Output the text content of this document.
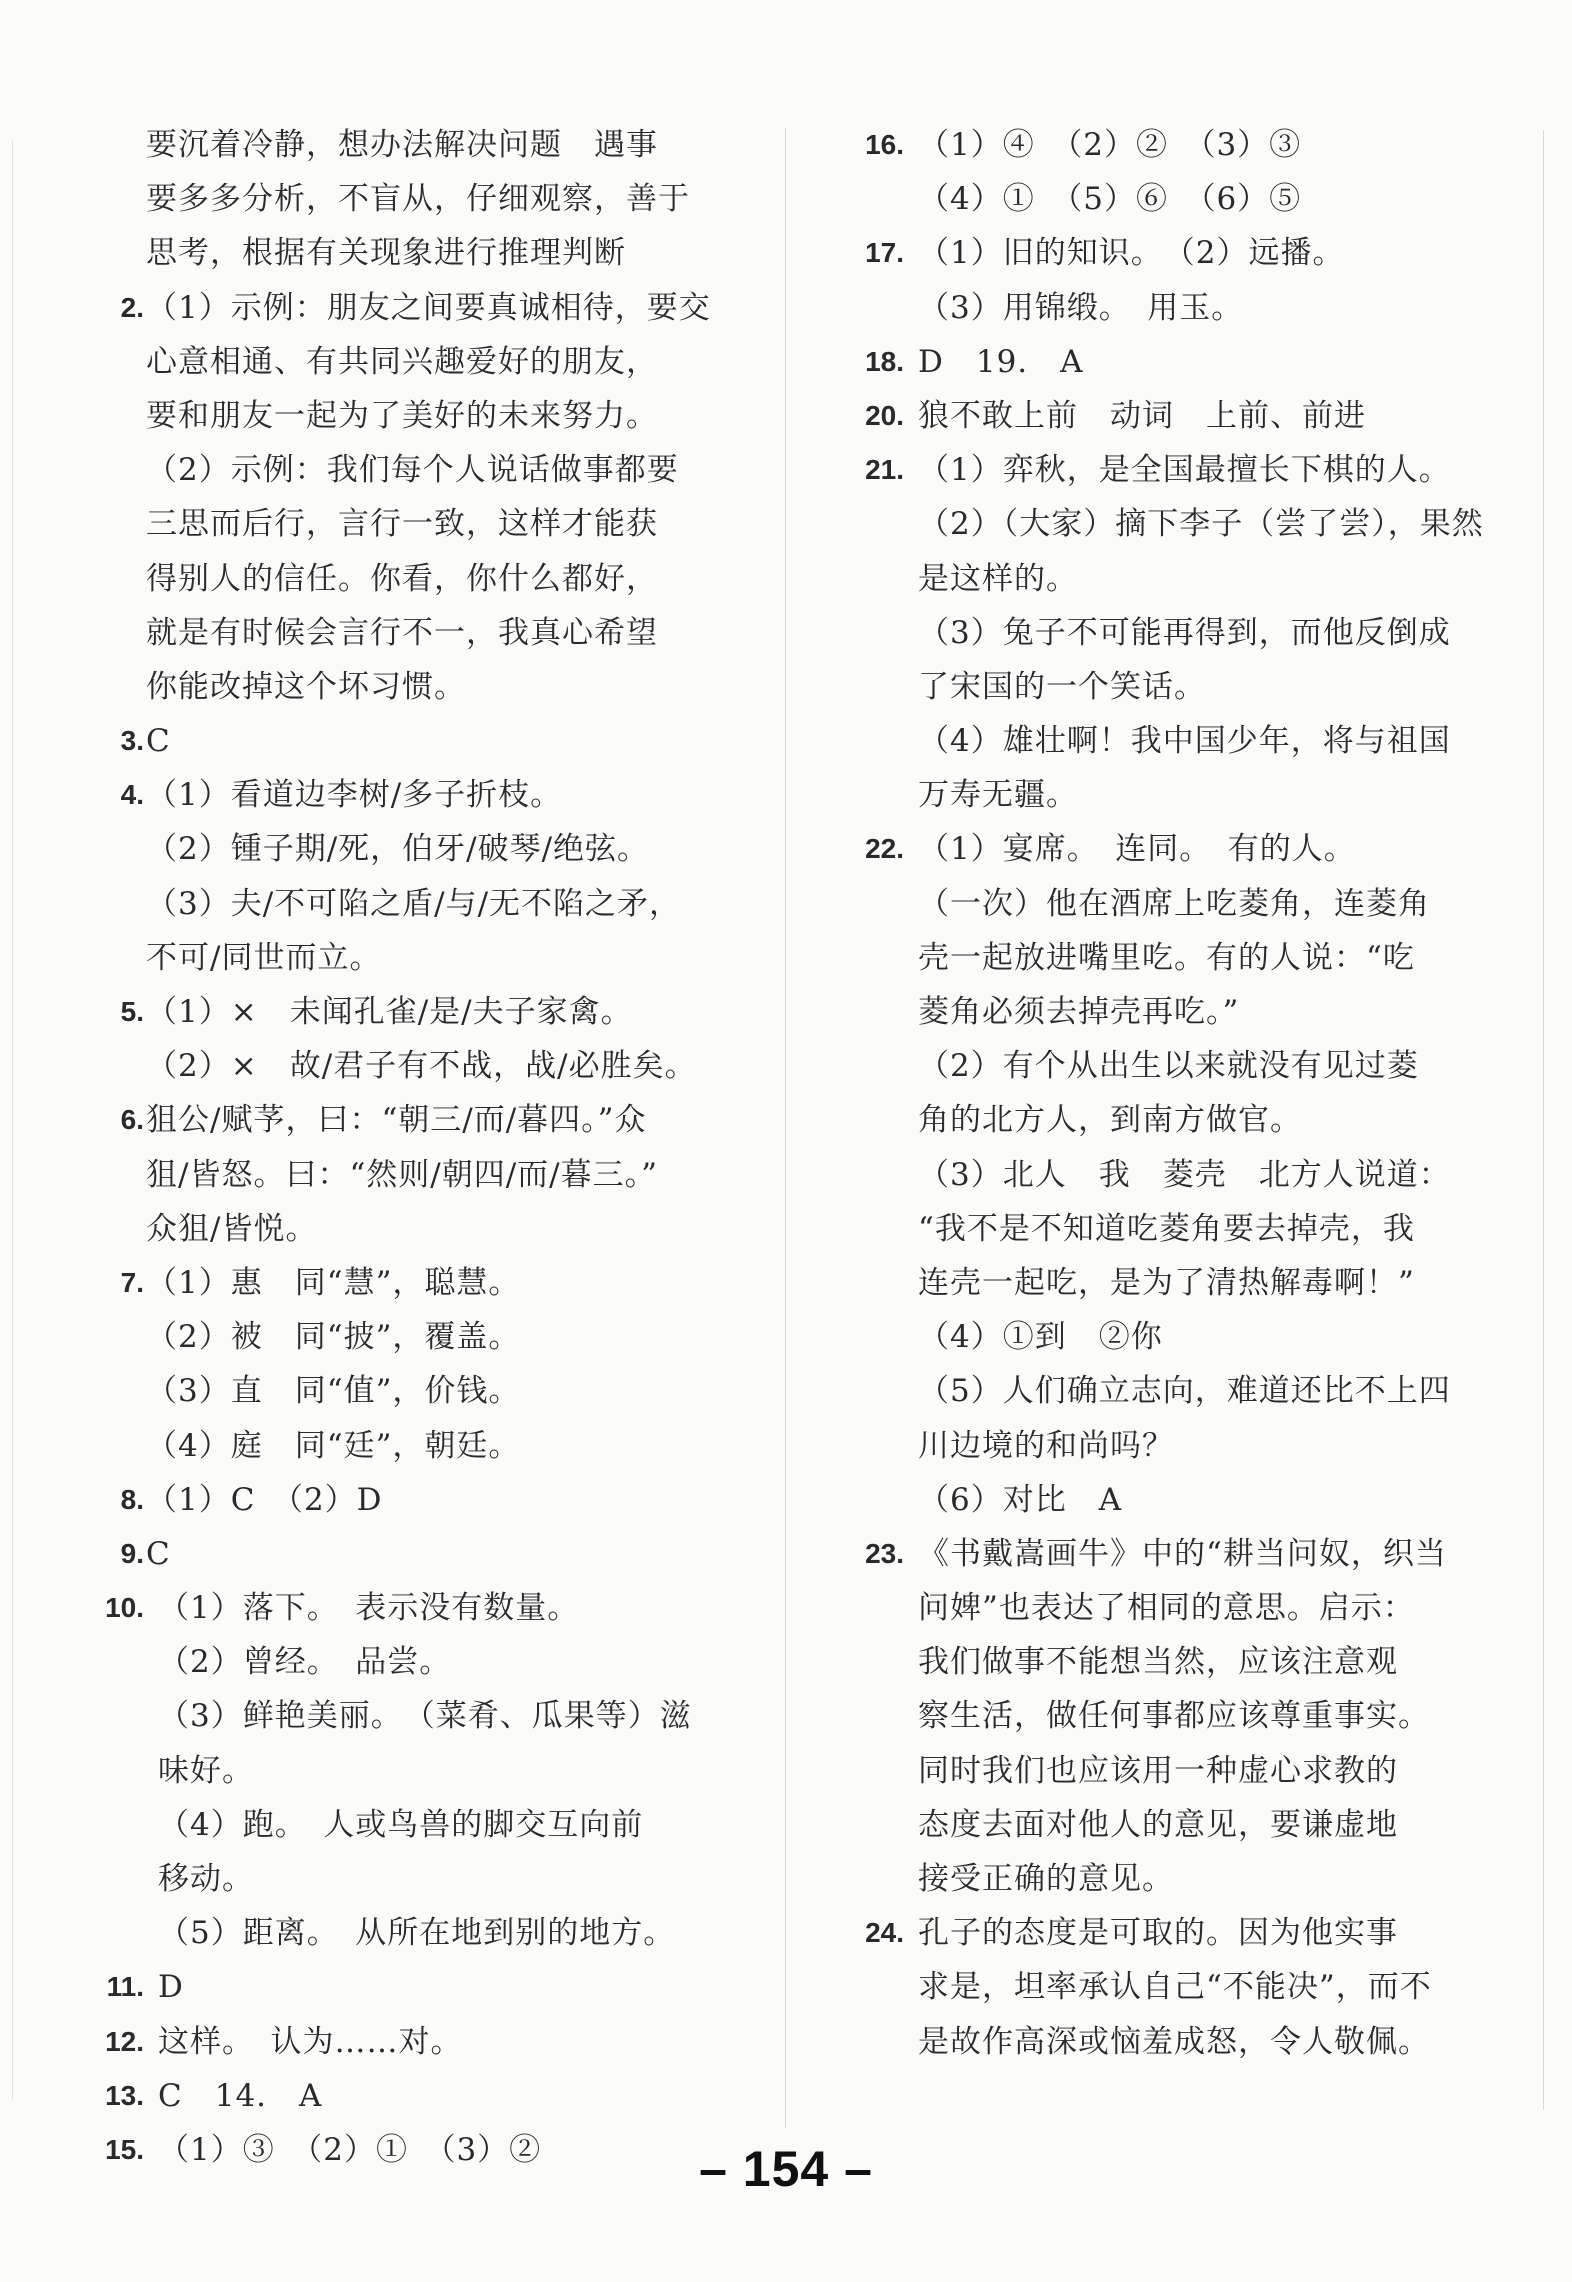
要沉着冷静，想办法解决问题　遇事
要多多分析，不盲从，仔细观察，善于
思考，根据有关现象进行推理判断
2. （1）示例：朋友之间要真诚相待，要交
心意相通、有共同兴趣爱好的朋友，
要和朋友一起为了美好的未来努力。
（2）示例：我们每个人说话做事都要
三思而后行，言行一致，这样才能获
得别人的信任。你看，你什么都好，
就是有时候会言行不一，我真心希望
你能改掉这个坏习惯。
3. C
4. （1）看道边李树/多子折枝。
（2）锺子期/死，伯牙/破琴/绝弦。
（3）夫/不可陷之盾/与/无不陷之矛，
不可/同世而立。
5. （1）×　未闻孔雀/是/夫子家禽。
（2）×　故/君子有不战，战/必胜矣。
6. 狙公/赋芧，曰：“朝三/而/暮四。”众
狙/皆怒。曰：“然则/朝四/而/暮三。”
众狙/皆悦。
7. （1）惠　同“慧”，聪慧。
（2）被　同“披”，覆盖。
（3）直　同“值”，价钱。
（4）庭　同“廷”，朝廷。
8. （1）C　（2）D
9. C
10. （1）落下。　表示没有数量。
（2）曾经。　品尝。
（3）鲜艳美丽。　（菜肴、瓜果等）滋
味好。
（4）跑。　人或鸟兽的脚交互向前
移动。
（5）距离。　从所在地到别的地方。
11. D
12. 这样。　认为……对。
13. C　14.　A
15. （1）③　（2）①　（3）②
16. （1）④　（2）②　（3）③
（4）①　（5）⑥　（6）⑤
17. （1）旧的知识。　（2）远播。
（3）用锦缎。　用玉。
18. D　19.　A
20. 狼不敢上前　动词　上前、前进
21. （1）弈秋，是全国最擅长下棋的人。
（2）（大家）摘下李子（尝了尝），果然
是这样的。
（3）兔子不可能再得到，而他反倒成
了宋国的一个笑话。
（4）雄壮啊！我中国少年，将与祖国
万寿无疆。
22. （1）宴席。　连同。　有的人。
（一次）他在酒席上吃菱角，连菱角
壳一起放进嘴里吃。有的人说：“吃
菱角必须去掉壳再吃。”
（2）有个从出生以来就没有见过菱
角的北方人，到南方做官。
（3）北人　我　菱壳　北方人说道：
“我不是不知道吃菱角要去掉壳，我
连壳一起吃，是为了清热解毒啊！”
（4）①到　②你
（5）人们确立志向，难道还比不上四
川边境的和尚吗？
（6）对比　A
23. 《书戴嵩画牛》中的“耕当问奴，织当
问婢”也表达了相同的意思。启示：
我们做事不能想当然，应该注意观
察生活，做任何事都应该尊重事实。
同时我们也应该用一种虚心求教的
态度去面对他人的意见，要谦虚地
接受正确的意见。
24. 孔子的态度是可取的。因为他实事
求是，坦率承认自己“不能决”，而不
是故作高深或恼羞成怒，令人敬佩。
– 154 –
